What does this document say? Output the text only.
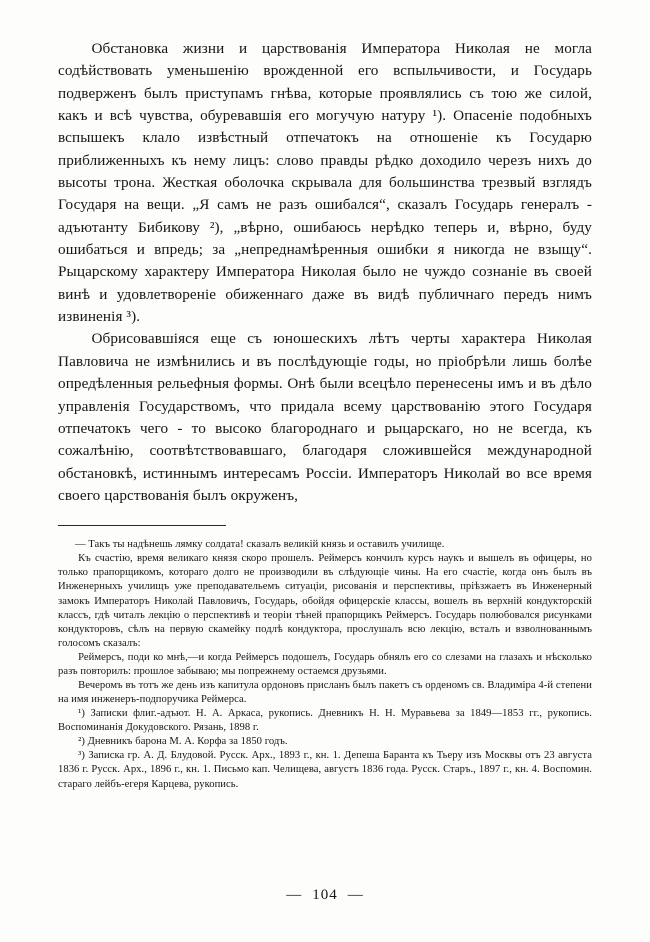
Обстановка жизни и царствованія Императора Николая не могла содѣйствовать уменьшенію врожденной его вспыльчивости, и Государь подверженъ былъ приступамъ гнѣва, которые проявлялись съ тою же силой, какъ и всѣ чувства, обуревавшія его могучую натуру ¹). Опасеніе подобныхъ вспышекъ клало извѣстный отпечатокъ на отношеніе къ Государю приближенныхъ къ нему лицъ: слово правды рѣдко доходило черезъ нихъ до высоты трона. Жесткая оболочка скрывала для большинства трезвый взглядъ Государя на вещи. „Я самъ не разъ ошибался“, сказалъ Государь генералъ - адъютанту Бибикову ²), „вѣрно, ошибаюсь нерѣдко теперь и, вѣрно, буду ошибаться и впредь; за „непреднамѣренныя ошибки я никогда не взыщу“. Рыцарскому характеру Императора Николая было не чуждо сознаніе въ своей винѣ и удовлетвореніе обиженнаго даже въ видѣ публичнаго передъ нимъ извиненія ³).

Обрисовавшіяся еще съ юношескихъ лѣтъ черты характера Николая Павловича не измѣнились и въ послѣдующіе годы, но пріобрѣли лишь болѣе опредѣленныя рельефныя формы. Онѣ были всецѣло перенесены имъ и въ дѣло управленія Государствомъ, что придала всему царствованію этого Государя отпечатокъ чего - то высоко благороднаго и рыцарскаго, но не всегда, къ сожалѣнію, соотвѣтствовавшаго, благодаря сложившейся международной обстановкѣ, истиннымъ интересамъ Россіи. Императоръ Николай во все время своего царствованія былъ окруженъ,

— Такъ ты надѣнешь лямку солдата! сказалъ великій князь и оставилъ училище.

Къ счастію, время великаго князя скоро прошелъ. Реймерсъ кончилъ курсъ наукъ и вышелъ въ офицеры, но только прапорщикомъ, котораго долго не производили въ слѣдующіе чины. На его счастіе, когда онъ былъ въ Инженерныхъ училищъ уже преподавательемъ ситуаціи, рисованія и перспективы, пріѣзжаетъ въ Инженерный замокъ Императоръ Николай Павловичъ, Государь, обойдя офицерскіе классы, вошелъ въ верхній кондукторскій классъ, гдѣ читалъ лекцію о перспективѣ и теоріи тѣней прапорщикъ Реймерсъ. Государь полюбовался рисунками кондукторовъ, сѣлъ на первую скамейку подлѣ кондуктора, прослушалъ всю лекцію, всталъ и взволнованнымъ голосомъ сказалъ:

Реймерсъ, поди ко мнѣ,—и когда Реймерсъ подошелъ, Государь обнялъ его со слезами на глазахъ и нѣсколько разъ повторилъ: прошлое забываю; мы попрежнему остаемся друзьями.

Вечеромъ въ тотъ же день изъ капитула ордоновъ присланъ былъ пакетъ съ орденомъ св. Владиміра 4-й степени на имя инженеръ-подпоручика Реймерса.

¹) Записки флиг.-адъют. Н. А. Аркаса, рукопись. Дневникъ Н. Н. Муравьева за 1849—1853 гг., рукопись. Воспоминанія Докудовского. Рязань, 1898 г.

²) Дневникъ барона М. А. Корфа за 1850 годъ.

³) Записка гр. А. Д. Блудовой. Русск. Арх., 1893 г., кн. 1. Депеша Баранта къ Тьеру изъ Москвы отъ 23 августа 1836 г. Русск. Арх., 1896 г., кн. 1. Письмо кап. Челищева, августъ 1836 года. Русск. Старъ., 1897 г., кн. 4. Воспомин. стараго лейбъ-егеря Карцева, рукопись.

— 104 —
